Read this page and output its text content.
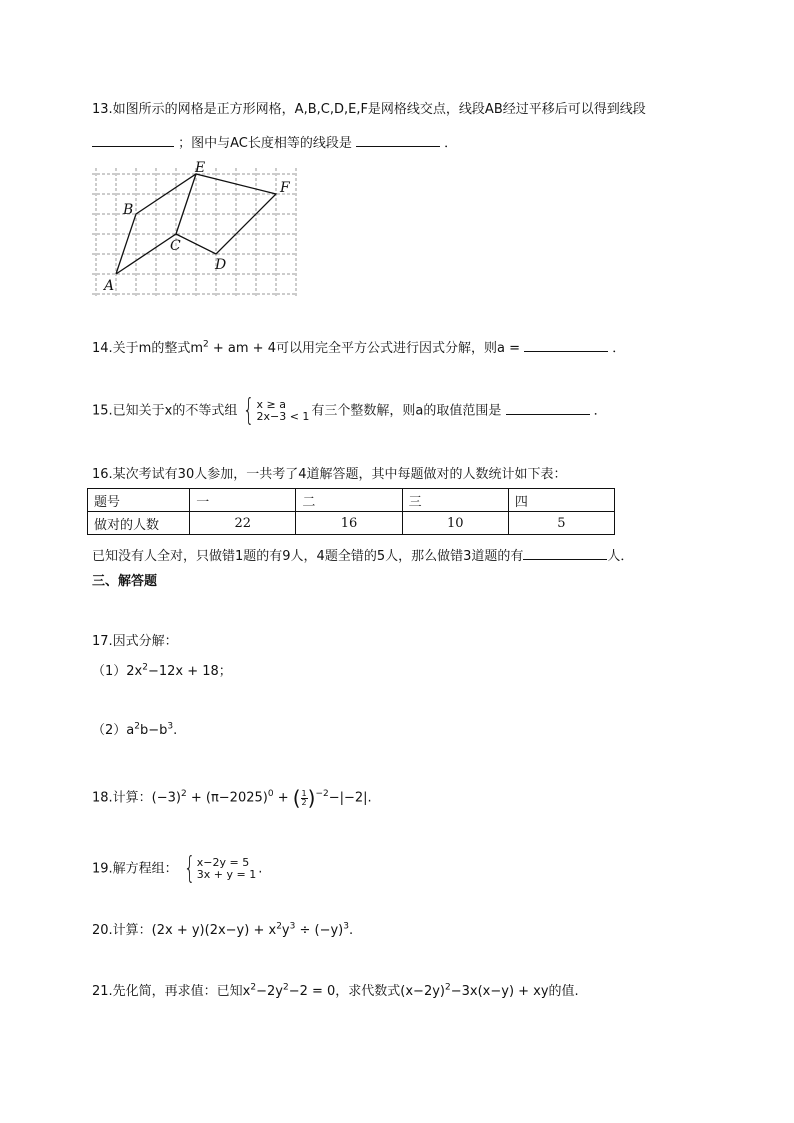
13.如图所示的网格是正方形网格，A,B,C,D,E,F是网格线交点，线段AB经过平移后可以得到线段
；图中与AC长度相等的线段是	．
A
B
C
D
E
F
14.关于m的整式$m^2$ + am + 4可以用完全平方公式进行因式分解，则a =	．
15.已知关于x的不等式组 { x ≥ a
2x−3 < 1 有三个整数解，则a的取值范围是	．
16.某次考试有30人参加，一共考了4道解答题，其中每题做对的人数统计如下表：
题号	一	二	三	四
做对的人数	22	16	10	5
已知没有人全对，只做错1题的有9人，4题全错的5人，那么做错3道题的有	人．
三、解答题
17.因式分解：
$(1)2x^2-12x + 18$；
$(2)a^2b-b^3$.
18.计算：$(-3)^2 + (\pi-2025)^0$ + ( $\frac{1}{2} )^{-2}-|-2|$.
19.解方程组： { x−2y = 5
3x + y = 1 .
20.计算：$(2x + y)(2x-y) + x^2y^3 \div (-y)^3$.
21.先化简，再求值：已知$x^2-2y^2-2 = 0$，求代数式$(x-2y)^2-3x(x-y)$ + xy的值.
